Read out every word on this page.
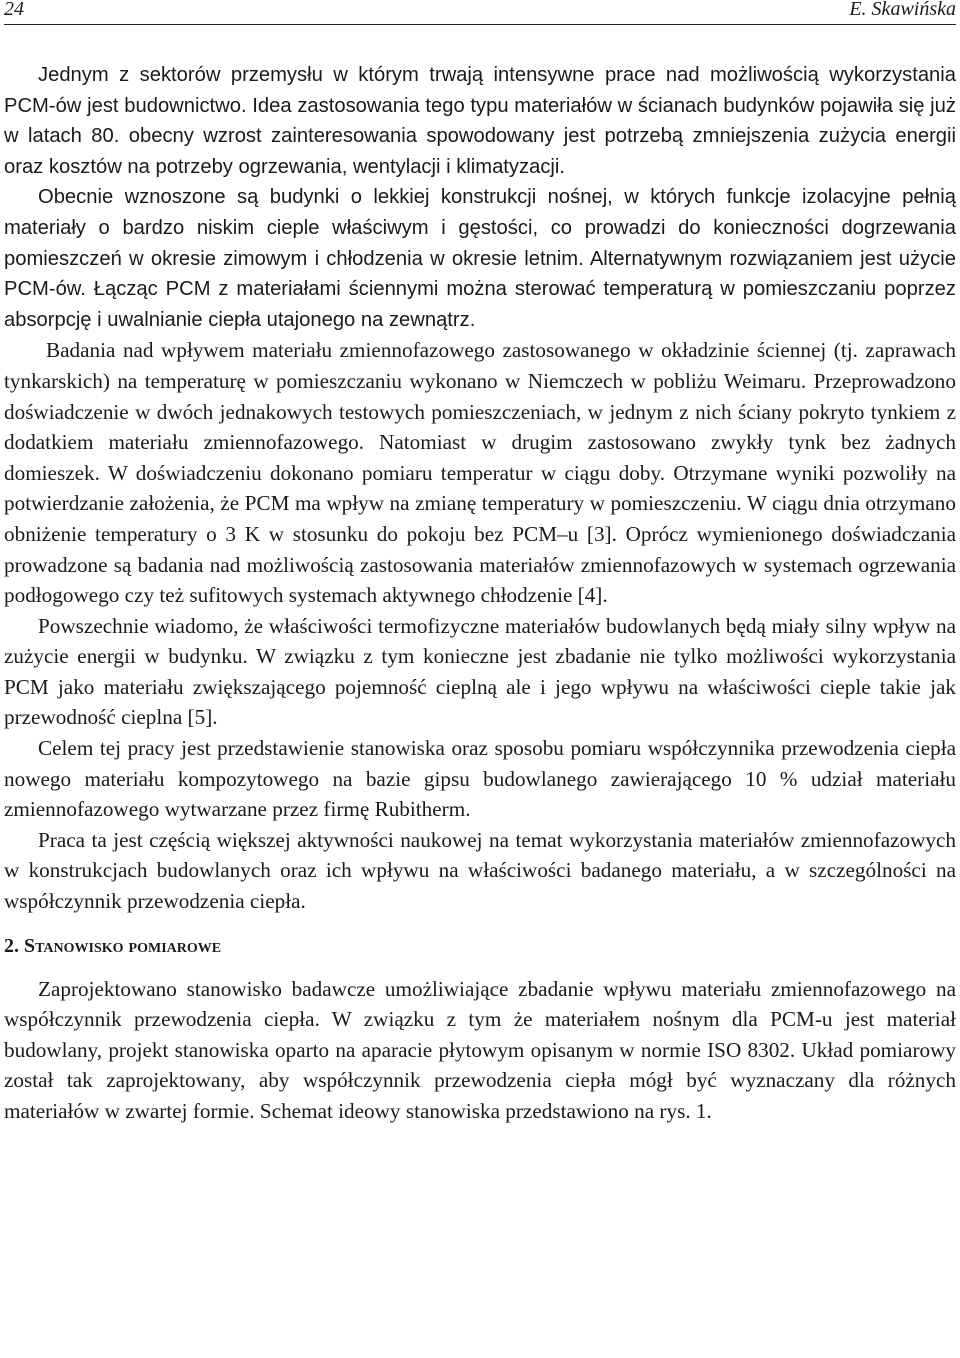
24	E. Skawińska

Jednym z sektorów przemysłu w którym trwają intensywne prace nad możliwością wykorzystania PCM-ów jest budownictwo. Idea zastosowania tego typu materiałów w ścianach budynków pojawiła się już w latach 80. obecny wzrost zainteresowania spowodowany jest potrzebą zmniejszenia zużycia energii oraz kosztów na potrzeby ogrzewania, wentylacji i klimatyzacji.

Obecnie wznoszone są budynki o lekkiej konstrukcji nośnej, w których funkcje izolacyjne pełnią materiały o bardzo niskim cieple właściwym i gęstości, co prowadzi do konieczności dogrzewania pomieszczeń w okresie zimowym i chłodzenia w okresie letnim. Alternatywnym rozwiązaniem jest użycie PCM-ów. Łącząc PCM z materiałami ściennymi można sterować temperaturą w pomieszczaniu poprzez absorpcję i uwalnianie ciepła utajonego na zewnątrz.

Badania nad wpływem materiału zmiennofazowego zastosowanego w okładzinie ściennej (tj. zaprawach tynkarskich) na temperaturę w pomieszczaniu wykonano w Niemczech w pobliżu Weimaru. Przeprowadzono doświadczenie w dwóch jednakowych testowych pomieszczeniach, w jednym z nich ściany pokryto tynkiem z dodatkiem materiału zmiennofazowego. Natomiast w drugim zastosowano zwykły tynk bez żadnych domieszek. W doświadczeniu dokonano pomiaru temperatur w ciągu doby. Otrzymane wyniki pozwoliły na potwierdzanie założenia, że PCM ma wpływ na zmianę temperatury w pomieszczeniu. W ciągu dnia otrzymano obniżenie temperatury o 3 K w stosunku do pokoju bez PCM–u [3]. Oprócz wymienionego doświadczania prowadzone są badania nad możliwością zastosowania materiałów zmiennofazowych w systemach ogrzewania podłogowego czy też sufitowych systemach aktywnego chłodzenie [4].

Powszechnie wiadomo, że właściwości termofizyczne materiałów budowlanych będą miały silny wpływ na zużycie energii w budynku. W związku z tym konieczne jest zbadanie nie tylko możliwości wykorzystania PCM jako materiału zwiększającego pojemność cieplną ale i jego wpływu na właściwości cieple takie jak przewodność cieplna [5].

Celem tej pracy jest przedstawienie stanowiska oraz sposobu pomiaru współczynnika przewodzenia ciepła nowego materiału kompozytowego na bazie gipsu budowlanego zawierającego 10 % udział materiału zmiennofazowego wytwarzane przez firmę Rubitherm.

Praca ta jest częścią większej aktywności naukowej na temat wykorzystania materiałów zmiennofazowych w konstrukcjach budowlanych oraz ich wpływu na właściwości badanego materiału, a w szczególności na współczynnik przewodzenia ciepła.

2. Stanowisko pomiarowe

Zaprojektowano stanowisko badawcze umożliwiające zbadanie wpływu materiału zmiennofazowego na współczynnik przewodzenia ciepła. W związku z tym że materiałem nośnym dla PCM-u jest materiał budowlany, projekt stanowiska oparto na aparacie płytowym opisanym w normie ISO 8302. Układ pomiarowy został tak zaprojektowany, aby współczynnik przewodzenia ciepła mógł być wyznaczany dla różnych materiałów w zwartej formie. Schemat ideowy stanowiska przedstawiono na rys. 1.
